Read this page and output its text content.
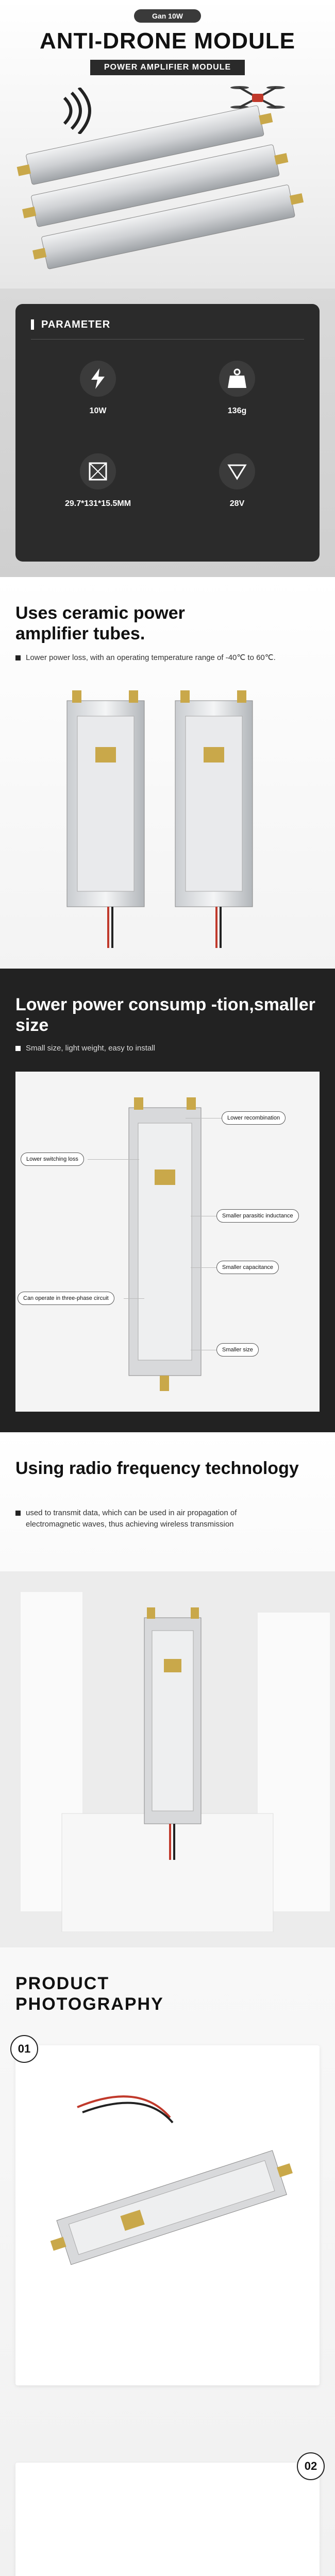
Gan 10W
ANTI-DRONE MODULE
POWER AMPLIFIER MODULE
PARAMETER
10W	136g
29.7*131*15.5MM	28V
Uses ceramic power amplifier tubes.
Lower power loss, with an operating temperature range of -40℃ to 60℃.
Lower power consump -tion,smaller size
Small size, light weight, easy to install
Lower recombination
Lower switching loss
Smaller parasitic inductance
Smaller capacitance
Can operate in three-phase circuit
Smaller size
Using radio frequency technology
used to transmit data, which can be used in air propagation of electromagnetic waves, thus achieving wireless transmission
PRODUCT PHOTOGRAPHY
01
02
